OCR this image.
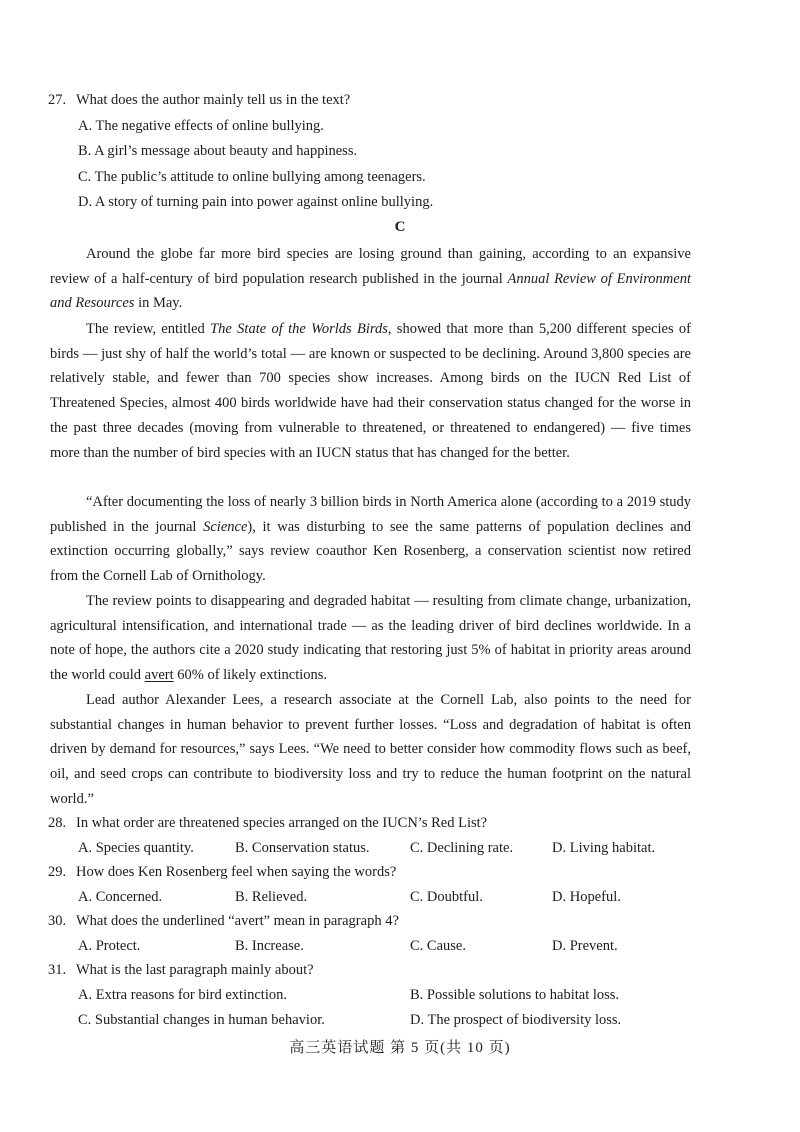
27. What does the author mainly tell us in the text?
A. The negative effects of online bullying.
B. A girl’s message about beauty and happiness.
C. The public’s attitude to online bullying among teenagers.
D. A story of turning pain into power against online bullying.
C
Around the globe far more bird species are losing ground than gaining, according to an expansive review of a half-century of bird population research published in the journal Annual Review of Environment and Resources in May.
The review, entitled The State of the Worlds Birds, showed that more than 5,200 different species of birds — just shy of half the world’s total — are known or suspected to be declining. Around 3,800 species are relatively stable, and fewer than 700 species show increases. Among birds on the IUCN Red List of Threatened Species, almost 400 birds worldwide have had their conservation status changed for the worse in the past three decades (moving from vulnerable to threatened, or threatened to endangered) — five times more than the number of bird species with an IUCN status that has changed for the better.
“After documenting the loss of nearly 3 billion birds in North America alone (according to a 2019 study published in the journal Science), it was disturbing to see the same patterns of population declines and extinction occurring globally,” says review coauthor Ken Rosenberg, a conservation scientist now retired from the Cornell Lab of Ornithology.
The review points to disappearing and degraded habitat — resulting from climate change, urbanization, agricultural intensification, and international trade — as the leading driver of bird declines worldwide. In a note of hope, the authors cite a 2020 study indicating that restoring just 5% of habitat in priority areas around the world could avert 60% of likely extinctions.
Lead author Alexander Lees, a research associate at the Cornell Lab, also points to the need for substantial changes in human behavior to prevent further losses. “Loss and degradation of habitat is often driven by demand for resources,” says Lees. “We need to better consider how commodity flows such as beef, oil, and seed crops can contribute to biodiversity loss and try to reduce the human footprint on the natural world.”
28. In what order are threatened species arranged on the IUCN’s Red List?
A. Species quantity.	B. Conservation status.	C. Declining rate.	D. Living habitat.
29. How does Ken Rosenberg feel when saying the words?
A. Concerned.	B. Relieved.	C. Doubtful.	D. Hopeful.
30. What does the underlined “avert” mean in paragraph 4?
A. Protect.	B. Increase.	C. Cause.	D. Prevent.
31. What is the last paragraph mainly about?
A. Extra reasons for bird extinction.	B. Possible solutions to habitat loss.
C. Substantial changes in human behavior.	D. The prospect of biodiversity loss.
高三英语试题 第 5 页(共 10 页)
